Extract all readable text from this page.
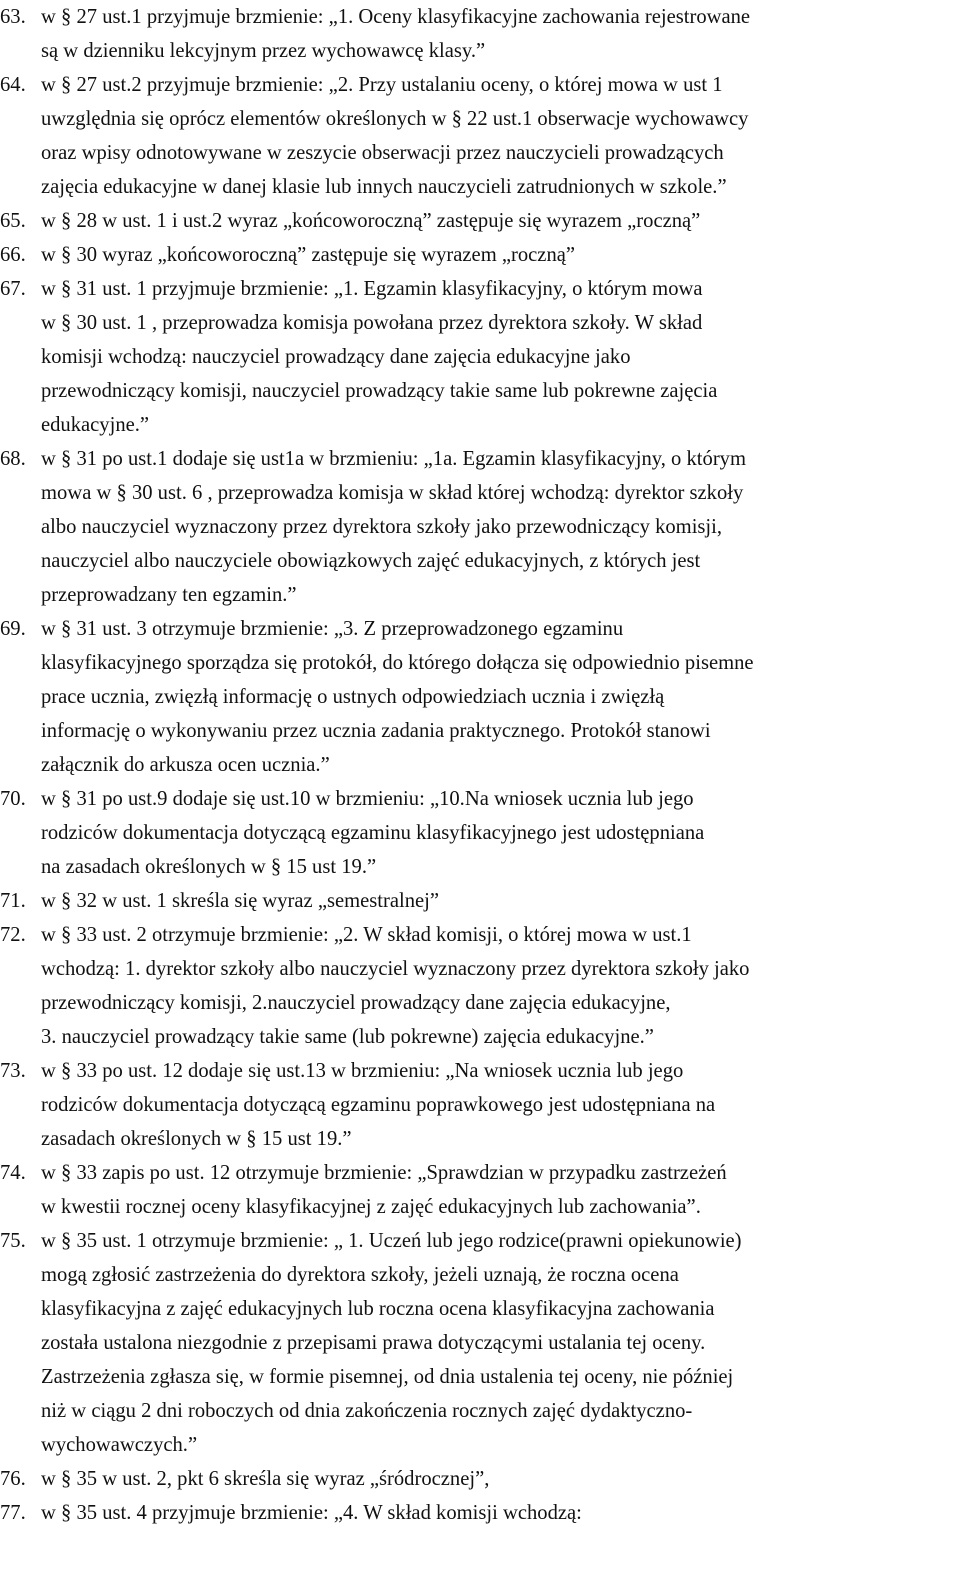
63. w § 27 ust.1 przyjmuje brzmienie: „1. Oceny klasyfikacyjne zachowania rejestrowane
są w dzienniku lekcyjnym przez wychowawcę klasy.”
64. w § 27 ust.2 przyjmuje brzmienie: „2. Przy ustalaniu oceny, o której mowa w ust 1
uwzględnia się oprócz elementów określonych w § 22 ust.1 obserwacje wychowawcy
oraz wpisy odnotowywane w zeszycie obserwacji przez nauczycieli prowadzących
zajęcia edukacyjne w danej klasie lub innych nauczycieli zatrudnionych w szkole.”
65. w § 28 w ust. 1 i ust.2 wyraz „końcoworoczną” zastępuje się wyrazem „roczną”
66. w § 30 wyraz „końcoworoczną” zastępuje się wyrazem „roczną”
67. w § 31 ust. 1 przyjmuje brzmienie: „1. Egzamin klasyfikacyjny, o którym mowa
w § 30 ust. 1 , przeprowadza komisja powołana przez dyrektora szkoły. W skład
komisji wchodzą: nauczyciel prowadzący dane zajęcia edukacyjne jako
przewodniczący komisji, nauczyciel prowadzący takie same lub pokrewne zajęcia
edukacyjne.”
68. w § 31 po ust.1 dodaje się ust1a w brzmieniu: „1a. Egzamin klasyfikacyjny, o którym
mowa w § 30 ust. 6 , przeprowadza komisja w skład której wchodzą: dyrektor szkoły
albo nauczyciel wyznaczony przez dyrektora szkoły jako przewodniczący komisji,
nauczyciel albo nauczyciele obowiązkowych zajęć edukacyjnych, z których jest
przeprowadzany ten egzamin.”
69. w § 31 ust. 3 otrzymuje brzmienie: „3. Z przeprowadzonego egzaminu
klasyfikacyjnego sporządza się protokół, do którego dołącza się odpowiednio pisemne
prace ucznia, zwięzłą informację o ustnych odpowiedziach ucznia i zwięzłą
informację o wykonywaniu przez ucznia zadania praktycznego. Protokół stanowi
załącznik do arkusza ocen ucznia.”
70. w § 31 po ust.9 dodaje się ust.10 w brzmieniu: „10.Na wniosek ucznia lub jego
rodziców dokumentacja dotyczącą egzaminu klasyfikacyjnego jest udostępniana
na zasadach określonych w § 15 ust 19.”
71. w § 32 w ust. 1 skreśla się wyraz „semestralnej”
72. w § 33 ust. 2 otrzymuje brzmienie: „2. W skład komisji, o której mowa w ust.1
wchodzą: 1. dyrektor szkoły albo nauczyciel wyznaczony przez dyrektora szkoły jako
przewodniczący komisji, 2.nauczyciel prowadzący dane zajęcia edukacyjne,
3. nauczyciel prowadzący takie same (lub pokrewne) zajęcia edukacyjne.”
73. w § 33 po ust. 12 dodaje się ust.13 w brzmieniu: „Na wniosek ucznia lub jego
rodziców dokumentacja dotyczącą egzaminu poprawkowego jest udostępniana na
zasadach określonych w § 15 ust 19.”
74. w § 33 zapis po ust. 12 otrzymuje brzmienie: „Sprawdzian w przypadku zastrzeżeń
w kwestii rocznej oceny klasyfikacyjnej z zajęć edukacyjnych lub zachowania”.
75. w § 35 ust. 1 otrzymuje brzmienie: „ 1. Uczeń lub jego rodzice(prawni opiekunowie)
mogą zgłosić zastrzeżenia do dyrektora szkoły, jeżeli uznają, że roczna ocena
klasyfikacyjna z zajęć edukacyjnych lub roczna ocena klasyfikacyjna zachowania
została ustalona niezgodnie z przepisami prawa dotyczącymi ustalania tej oceny.
Zastrzeżenia zgłasza się, w formie pisemnej, od dnia ustalenia tej oceny, nie później
niż w ciągu 2 dni roboczych od dnia zakończenia rocznych zajęć dydaktyczno-
wychowawczych.”
76. w § 35 w ust. 2, pkt 6 skreśla się wyraz „śródrocznej”,
77. w § 35 ust. 4 przyjmuje brzmienie: „4. W skład komisji wchodzą:
